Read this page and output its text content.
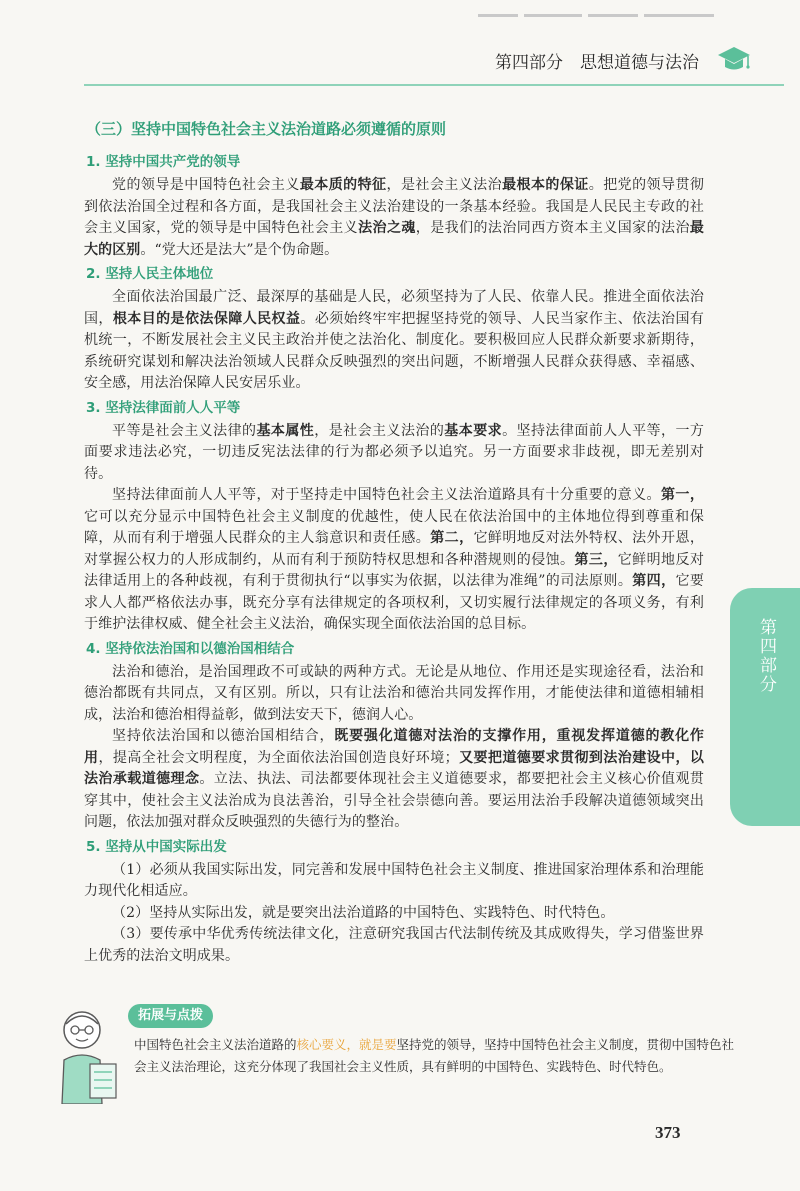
第四部分 思想道德与法治
（三）坚持中国特色社会主义法治道路必须遵循的原则
1. 坚持中国共产党的领导

党的领导是中国特色社会主义最本质的特征，是社会主义法治最根本的保证。把党的领导贯彻到依法治国全过程和各方面，是我国社会主义法治建设的一条基本经验。我国是人民民主专政的社会主义国家，党的领导是中国特色社会主义法治之魂，是我们的法治同西方资本主义国家的法治最大的区别。“党大还是法大”是个伪命题。

2. 坚持人民主体地位

全面依法治国最广泛、最深厚的基础是人民，必须坚持为了人民、依靠人民。推进全面依法治国，根本目的是依法保障人民权益。必须始终牢牢把握坚持党的领导、人民当家作主、依法治国有机统一，不断发展社会主义民主政治并使之法治化、制度化。要积极回应人民群众新要求新期待，系统研究谋划和解决法治领域人民群众反映强烈的突出问题，不断增强人民群众获得感、幸福感、安全感，用法治保障人民安居乐业。

3. 坚持法律面前人人平等

平等是社会主义法律的基本属性，是社会主义法治的基本要求。坚持法律面前人人平等，一方面要求违法必究，一切违反宪法法律的行为都必须予以追究。另一方面要求非歧视，即无差别对待。

坚持法律面前人人平等，对于坚持走中国特色社会主义法治道路具有十分重要的意义。第一，它可以充分显示中国特色社会主义制度的优越性，使人民在依法治国中的主体地位得到尊重和保障，从而有利于增强人民群众的主人翁意识和责任感。第二，它鲜明地反对法外特权、法外开恩，对掌握公权力的人形成制约，从而有利于预防特权思想和各种潜规则的侵蚀。第三，它鲜明地反对法律适用上的各种歧视，有利于贯彻执行“以事实为依据，以法律为准绳”的司法原则。第四，它要求人人都严格依法办事，既充分享有法律规定的各项权利，又切实履行法律规定的各项义务，有利于维护法律权威、健全社会主义法治，确保实现全面依法治国的总目标。

4. 坚持依法治国和以德治国相结合

法治和德治，是治国理政不可或缺的两种方式。无论是从地位、作用还是实现途径看，法治和德治都既有共同点，又有区别。所以，只有让法治和德治共同发挥作用，才能使法律和道德相辅相成，法治和德治相得益彰，做到法安天下，德润人心。

坚持依法治国和以德治国相结合，既要强化道德对法治的支撑作用，重视发挥道德的教化作用，提高全社会文明程度，为全面依法治国创造良好环境；又要把道德要求贯彻到法治建设中，以法治承载道德理念。立法、执法、司法都要体现社会主义道德要求，都要把社会主义核心价值观贯穿其中，使社会主义法治成为良法善治，引导全社会崇德向善。要运用法治手段解决道德领域突出问题，依法加强对群众反映强烈的失德行为的整治。

5. 坚持从中国实际出发

（1）必须从我国实际出发，同完善和发展中国特色社会主义制度、推进国家治理体系和治理能力现代化相适应。

（2）坚持从实际出发，就是要突出法治道路的中国特色、实践特色、时代特色。

（3）要传承中华优秀传统法律文化，注意研究我国古代法制传统及其成败得失，学习借鉴世界上优秀的法治文明成果。

第四部分
拓展与点拨
中国特色社会主义法治道路的核心要义，就是要坚持党的领导，坚持中国特色社会主义制度，贯彻中国特色社会主义法治理论，这充分体现了我国社会主义性质，具有鲜明的中国特色、实践特色、时代特色。
373
